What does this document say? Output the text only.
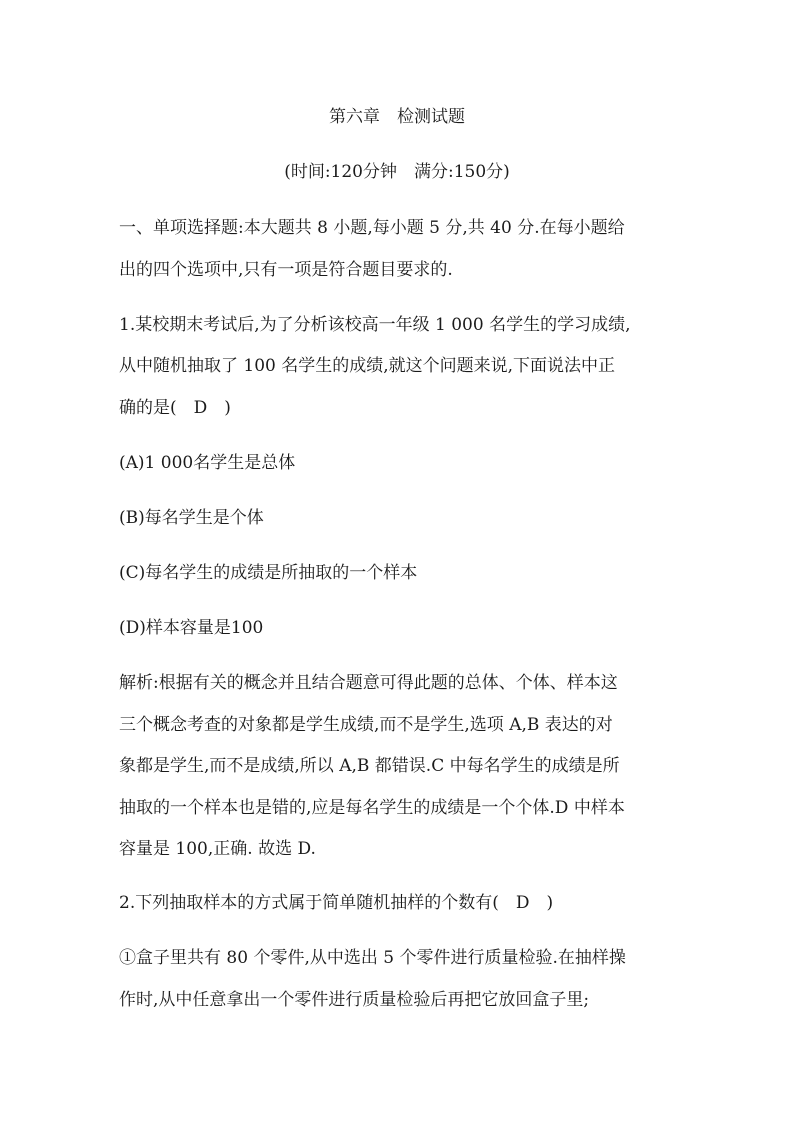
第六章　检测试题
(时间:120分钟　满分:150分)
一、单项选择题:本大题共 8 小题,每小题 5 分,共 40 分.在每小题给
出的四个选项中,只有一项是符合题目要求的.
1.某校期末考试后,为了分析该校高一年级 1 000 名学生的学习成绩,
从中随机抽取了 100 名学生的成绩,就这个问题来说,下面说法中正
确的是(　D　)
(A)1 000名学生是总体
(B)每名学生是个体
(C)每名学生的成绩是所抽取的一个样本
(D)样本容量是100
解析:根据有关的概念并且结合题意可得此题的总体、个体、样本这
三个概念考查的对象都是学生成绩,而不是学生,选项 A,B 表达的对
象都是学生,而不是成绩,所以 A,B 都错误.C 中每名学生的成绩是所
抽取的一个样本也是错的,应是每名学生的成绩是一个个体.D 中样本
容量是 100,正确. 故选 D.
2.下列抽取样本的方式属于简单随机抽样的个数有(　D　)
①盒子里共有 80 个零件,从中选出 5 个零件进行质量检验.在抽样操
作时,从中任意拿出一个零件进行质量检验后再把它放回盒子里;
